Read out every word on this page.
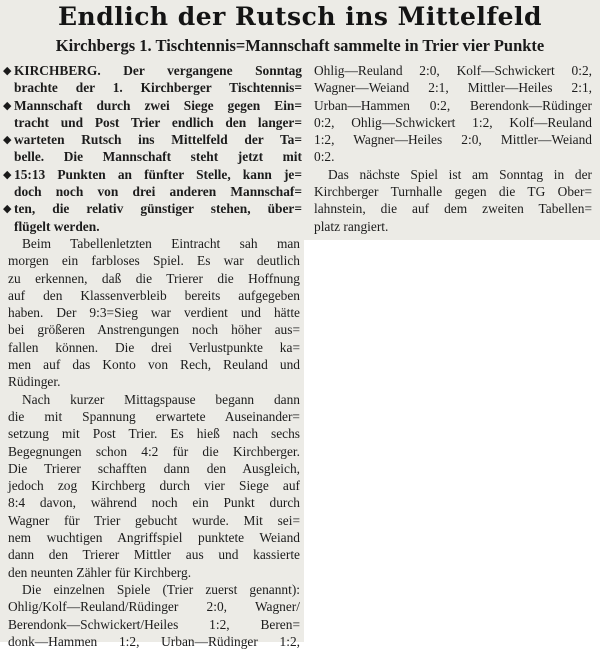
Endlich der Rutsch ins Mittelfeld
Kirchbergs 1. Tischtennis=Mannschaft sammelte in Trier vier Punkte
KIRCHBERG. Der vergangene Sonntag
brachte der 1. Kirchberger Tischtennis=
Mannschaft durch zwei Siege gegen Ein=
tracht und Post Trier endlich den langer=
warteten Rutsch ins Mittelfeld der Ta=
belle. Die Mannschaft steht jetzt mit
15:13 Punkten an fünfter Stelle, kann je=
doch noch von drei anderen Mannschaf=
ten, die relativ günstiger stehen, über=
flügelt werden.
◆
◆
◆
◆
◆
Beim Tabellenletzten Eintracht sah man
morgen ein farbloses Spiel. Es war deutlich
zu erkennen, daß die Trierer die Hoffnung
auf den Klassenverbleib bereits aufgegeben
haben. Der 9:3=Sieg war verdient und hätte
bei größeren Anstrengungen noch höher aus=
fallen können. Die drei Verlustpunkte ka=
men auf das Konto von Rech, Reuland und
Rüdinger.
Nach kurzer Mittagspause begann dann
die mit Spannung erwartete Auseinander=
setzung mit Post Trier. Es hieß nach sechs
Begegnungen schon 4:2 für die Kirchberger.
Die Trierer schafften dann den Ausgleich,
jedoch zog Kirchberg durch vier Siege auf
8:4 davon, während noch ein Punkt durch
Wagner für Trier gebucht wurde. Mit sei=
nem wuchtigen Angriffspiel punktete Weiand
dann den Trierer Mittler aus und kassierte
den neunten Zähler für Kirchberg.
Die einzelnen Spiele (Trier zuerst genannt):
Ohlig/Kolf—Reuland/Rüdinger 2:0, Wagner/
Berendonk—Schwickert/Heiles 1:2, Beren=
donk—Hammen 1:2, Urban—Rüdinger 1:2,
Ohlig—Reuland 2:0, Kolf—Schwickert 0:2,
Wagner—Weiand 2:1, Mittler—Heiles 2:1,
Urban—Hammen 0:2, Berendonk—Rüdinger
0:2, Ohlig—Schwickert 1:2, Kolf—Reuland
1:2, Wagner—Heiles 2:0, Mittler—Weiand
0:2.
Das nächste Spiel ist am Sonntag in der
Kirchberger Turnhalle gegen die TG Ober=
lahnstein, die auf dem zweiten Tabellen=
platz rangiert.
